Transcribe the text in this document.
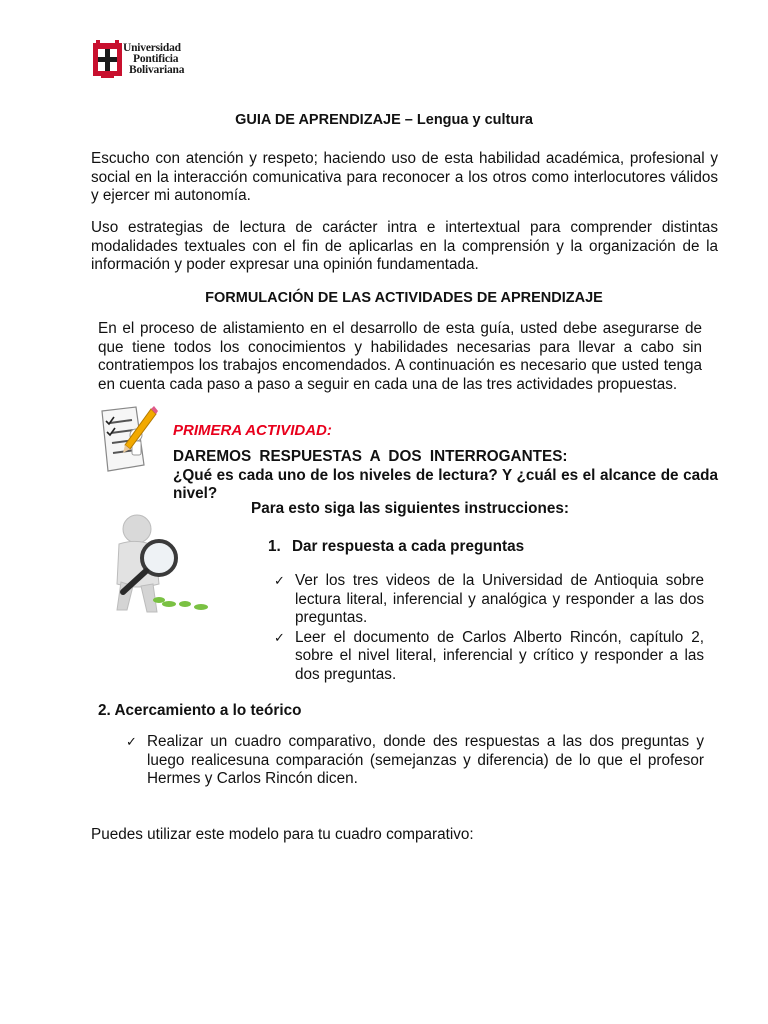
Universidad
Pontificia
Bolivariana
GUIA DE APRENDIZAJE – Lengua y cultura
Escucho con atención y respeto; haciendo uso de esta habilidad académica, profesional y social en la interacción comunicativa para reconocer a los otros como interlocutores válidos y ejercer mi autonomía.
Uso estrategias de lectura de carácter intra e intertextual para comprender distintas modalidades textuales con el fin de aplicarlas en la comprensión y la organización de la información y poder expresar una opinión fundamentada.
FORMULACIÓN DE LAS ACTIVIDADES DE APRENDIZAJE
En el proceso de alistamiento en el desarrollo de esta guía, usted debe asegurarse de que tiene todos los conocimientos y habilidades necesarias para llevar a cabo sin contratiempos los trabajos encomendados. A continuación es necesario que usted tenga en cuenta cada paso a paso a seguir en cada una de las tres actividades propuestas.
PRIMERA ACTIVIDAD:
DAREMOS RESPUESTAS A DOS INTERROGANTES:
¿Qué es cada uno de los niveles de lectura? Y ¿cuál es el alcance de cada nivel?
Para esto siga las siguientes instrucciones:
1. Dar respuesta a cada preguntas
✓ Ver los tres videos de la Universidad de Antioquia sobre lectura literal, inferencial y analógica y responder a las dos preguntas.
✓ Leer el documento de Carlos Alberto Rincón, capítulo 2, sobre el nivel literal, inferencial y crítico y responder a las dos preguntas.
2. Acercamiento a lo teórico
✓ Realizar un cuadro comparativo, donde des respuestas a las dos preguntas y luego realicesuna comparación (semejanzas y diferencia) de lo que el profesor Hermes y Carlos Rincón dicen.
Puedes utilizar este modelo para tu cuadro comparativo:
